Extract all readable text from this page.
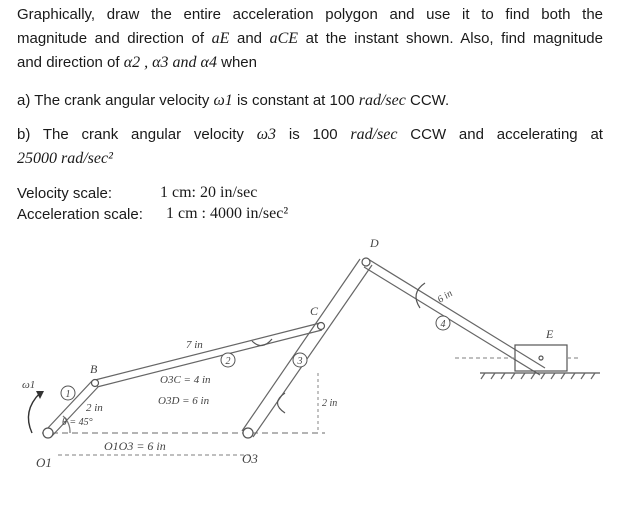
Graphically, draw the entire acceleration polygon and use it to find both the
magnitude and direction of aE and aCE at the instant shown. Also, find magnitude
and direction of α2 , α3 and α4 when
a) The crank angular velocity ω1 is constant at 100 rad/sec CCW.
b) The crank angular velocity ω3 is 100 rad/sec CCW and accelerating at
25000 rad/sec²
Velocity scale:	1 cm: 20 in/sec
Acceleration scale: 1 cm : 4000 in/sec²
1
2	3
4
D
C
B
E
O1	O3
ω1
7 in
6 in
2 in
θ = 45°
O3C = 4 in
O3D = 6 in	2 in
O1O3 = 6 in
